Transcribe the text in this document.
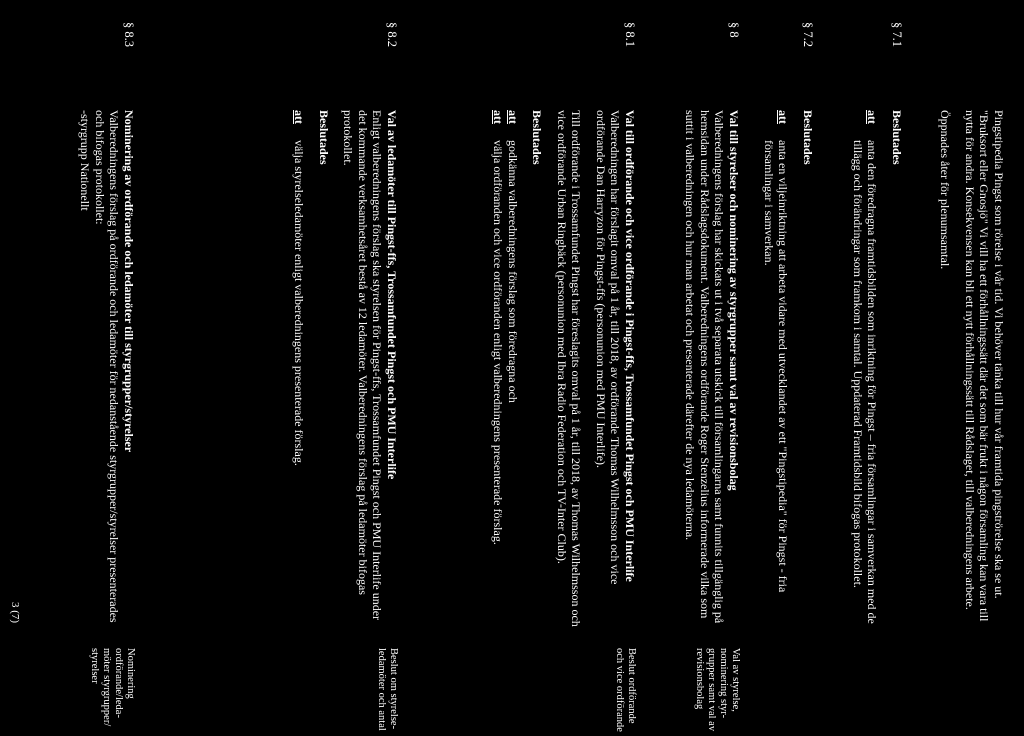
Pingstipedia Pingst som rörelse i vår tid. Vi behöver tänka till hur vår framtida pingströrelse ska se ut. "Bruksort eller Gnosjö" Vi vill ha ett förhållningssätt där det som bär frukt i någon församling kan vara till nytta för andra. Konsekvensen kan bli ett nytt förhållningssätt till Rådslaget, till valberedningens arbete.

Öppnades åter för plenumsamtal.

§ 7.1

Beslutades

att
anta den föredragna framtidsbilden som inriktning för Pingst – fria församlingar i samverkan med de tillägg och förändringar som framkom i samtal. Uppdaterad Framtidsbild bifogas protokollet.
§ 7.2

Beslutades

att
anta en viljeinriktning att arbeta vidare med utvecklandet av ett "Pingstipedia" för Pingst - fria församlingar i samverkan.
§ 8

Val till styrelser och nominering av styrgrupper samt val av revisionsbolag

Valberedningens förslag har skickats ut i två separata utskick till församlingarna samt funnits tillgänglig på hemsidan under Rådslagsdokument. Valberedningens ordförande Roger Stenzelius informerade vilka som suttit i valberedningen och hur man arbetat och presenterade därefter de nya ledamöterna.

Val av styrelse, nominering styr-grupper samt val av revisionsbolag
§ 8.1

Val till ordförande och vice ordförande i Pingst-ffs, Trossamfundet Pingst och PMU Interlife

Valberedningen har förslagit omval på 1 år, till 2018, av ordförande Thomas Wilhelmsson och vice ordförande Dan Harryzon för Pingst-ffs (personunion med PMU Interlife).

Till ordförande i Trossamfundet Pingst har föreslagits omval på 1 år, till 2018, av Thomas Wilhelmsson och vice ordförande Urban Ringbäck (personunion med Ibra Radio Federation och TV-Inter Club).

Beslutades

att
godkänna valberedningens förslag som föredragna och
att
välja ordföranden och vice ordföranden enligt valberedningens presenterade förslag.
Beslut ordförande och vice ordförande
§ 8.2

Val av ledamöter till Pingst-ffs, Trossamfundet Pingst och PMU Interlife

Enligt valberedningens förslag ska styrelsen för Pingst-ffs, Trossamfundet Pingst och PMU Interlife under det kommande verksamhetsåret bestå av 12 ledamöter. Valberedningens förslag på ledamöter bifogas protokollet.

Beslutades

att
välja styrelseledamöter enligt valberedningens presenterade förslag.
Beslut om styrelse-ledamöter och antal
§ 8.3

Nominering av ordförande och ledamöter till styrgrupper/styrelser

Valberedningens förslag på ordförande och ledamöter för nedanstående styrgrupper/styrelser presenterades och bifogas protokollet:

-styrgrupp Nationellt

Nominering ordförande/leda-möter styrgrupper/ styrelser
3 (7)
